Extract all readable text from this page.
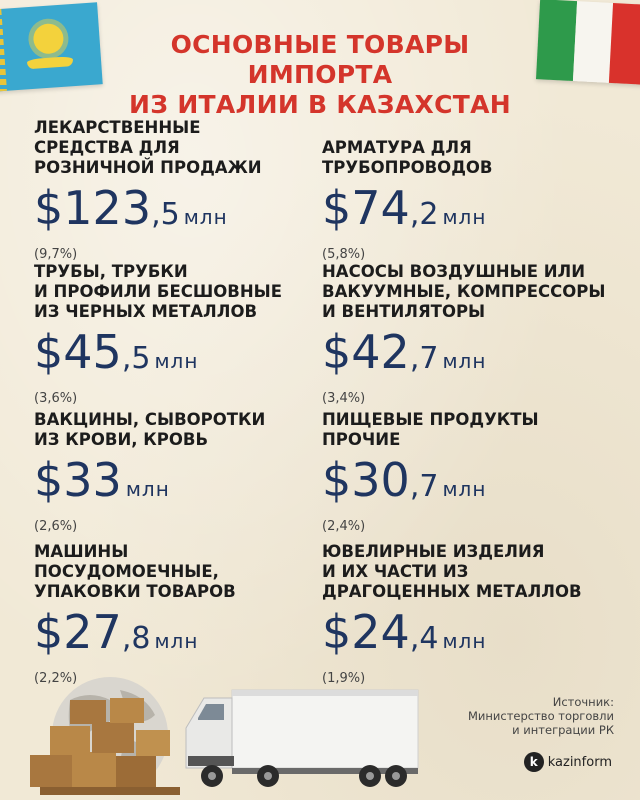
ОСНОВНЫЕ ТОВАРЫ ИМПОРТА
ИЗ ИТАЛИИ В КАЗАХСТАН
ЛЕКАРСТВЕННЫЕ
СРЕДСТВА ДЛЯ
РОЗНИЧНОЙ ПРОДАЖИ
$123,5 млн
(9,7%)
АРМАТУРА ДЛЯ
ТРУБОПРОВОДОВ
$74,2 млн
(5,8%)
ТРУБЫ, ТРУБКИ
И ПРОФИЛИ БЕСШОВНЫЕ
ИЗ ЧЕРНЫХ МЕТАЛЛОВ
$45,5 млн
(3,6%)
НАСОСЫ ВОЗДУШНЫЕ ИЛИ
ВАКУУМНЫЕ, КОМПРЕССОРЫ
И ВЕНТИЛЯТОРЫ
$42,7 млн
(3,4%)
ВАКЦИНЫ, СЫВОРОТКИ
ИЗ КРОВИ, КРОВЬ
$33 млн
(2,6%)
ПИЩЕВЫЕ ПРОДУКТЫ
ПРОЧИЕ
$30,7 млн
(2,4%)
МАШИНЫ
ПОСУДОМОЕЧНЫЕ,
УПАКОВКИ ТОВАРОВ
$27,8 млн
(2,2%)
ЮВЕЛИРНЫЕ ИЗДЕЛИЯ
И ИХ ЧАСТИ ИЗ
ДРАГОЦЕННЫХ МЕТАЛЛОВ
$24,4 млн
(1,9%)
Источник:
Министерство торговли
и интеграции РК
k kazinform
